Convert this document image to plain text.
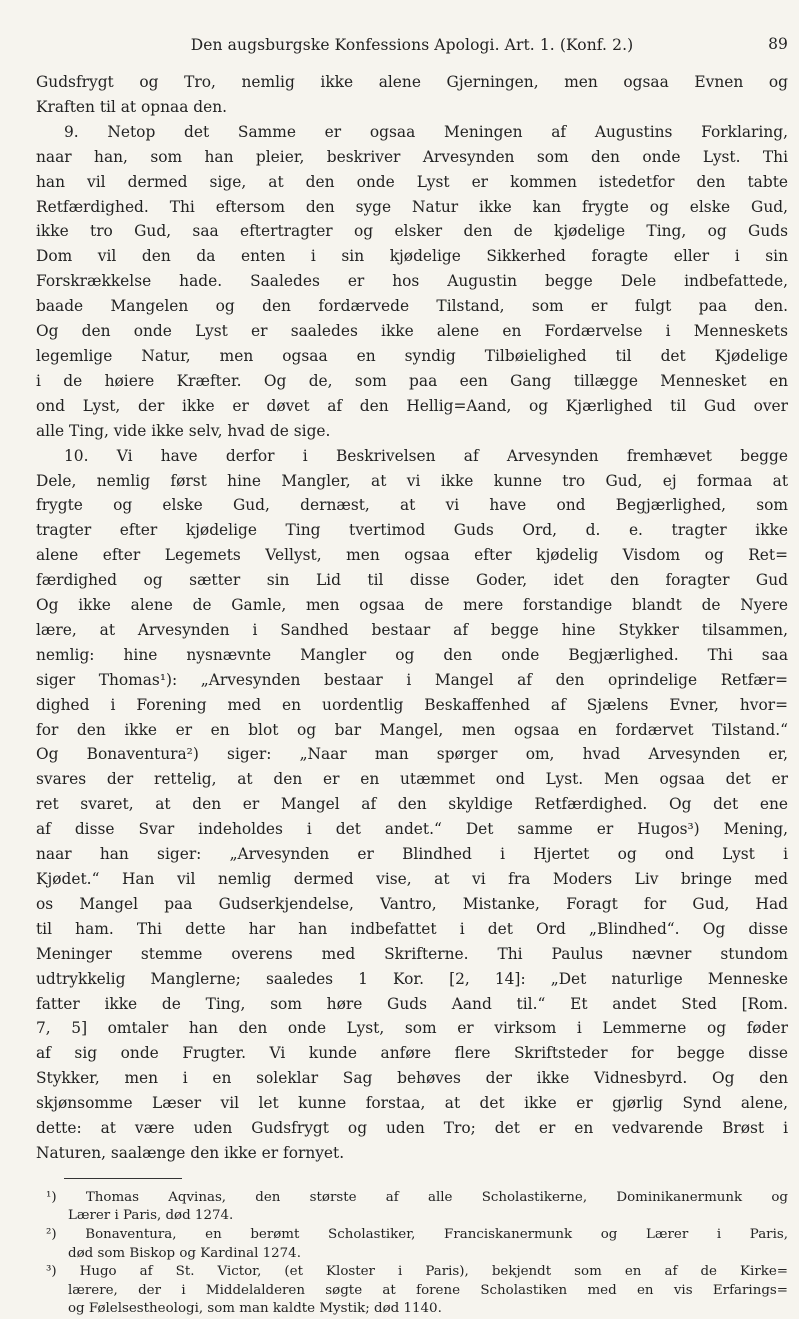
Den augsburgske Konfessions Apologi. Art. 1. (Konf. 2.)	89
Gudsfrygt og Tro, nemlig ikke alene Gjerningen, men ogsaa Evnen og
Kraften til at opnaa den.
9. Netop det Samme er ogsaa Meningen af Augustins Forklaring,
naar han, som han pleier, beskriver Arvesynden som den onde Lyst. Thi
han vil dermed sige, at den onde Lyst er kommen istedetfor den tabte
Retfærdighed. Thi eftersom den syge Natur ikke kan frygte og elske Gud,
ikke tro Gud, saa eftertragter og elsker den de kjødelige Ting, og Guds
Dom vil den da enten i sin kjødelige Sikkerhed foragte eller i sin
Forskrækkelse hade. Saaledes er hos Augustin begge Dele indbefattede,
baade Mangelen og den fordærvede Tilstand, som er fulgt paa den.
Og den onde Lyst er saaledes ikke alene en Fordærvelse i Menneskets
legemlige Natur, men ogsaa en syndig Tilbøielighed til det Kjødelige
i de høiere Kræfter. Og de, som paa een Gang tillægge Mennesket en
ond Lyst, der ikke er døvet af den Hellig=Aand, og Kjærlighed til Gud over
alle Ting, vide ikke selv, hvad de sige.
10. Vi have derfor i Beskrivelsen af Arvesynden fremhævet begge
Dele, nemlig først hine Mangler, at vi ikke kunne tro Gud, ej formaa at
frygte og elske Gud, dernæst, at vi have ond Begjærlighed, som
tragter efter kjødelige Ting tvertimod Guds Ord, d. e. tragter ikke
alene efter Legemets Vellyst, men ogsaa efter kjødelig Visdom og Ret=
færdighed og sætter sin Lid til disse Goder, idet den foragter Gud
Og ikke alene de Gamle, men ogsaa de mere forstandige blandt de Nyere
lære, at Arvesynden i Sandhed bestaar af begge hine Stykker tilsammen,
nemlig: hine nysnævnte Mangler og den onde Begjærlighed. Thi saa
siger Thomas¹): „Arvesynden bestaar i Mangel af den oprindelige Retfær=
dighed i Forening med en uordentlig Beskaffenhed af Sjælens Evner, hvor=
for den ikke er en blot og bar Mangel, men ogsaa en fordærvet Tilstand.“
Og Bonaventura²) siger: „Naar man spørger om, hvad Arvesynden er,
svares der rettelig, at den er en utæmmet ond Lyst. Men ogsaa det er
ret svaret, at den er Mangel af den skyldige Retfærdighed. Og det ene
af disse Svar indeholdes i det andet.“ Det samme er Hugos³) Mening,
naar han siger: „Arvesynden er Blindhed i Hjertet og ond Lyst i
Kjødet.“ Han vil nemlig dermed vise, at vi fra Moders Liv bringe med
os Mangel paa Gudserkjendelse, Vantro, Mistanke, Foragt for Gud, Had
til ham. Thi dette har han indbefattet i det Ord „Blindhed“. Og disse
Meninger stemme overens med Skrifterne. Thi Paulus nævner stundom
udtrykkelig Manglerne; saaledes 1 Kor. [2, 14]: „Det naturlige Menneske
fatter ikke de Ting, som høre Guds Aand til.“ Et andet Sted [Rom.
7, 5] omtaler han den onde Lyst, som er virksom i Lemmerne og føder
af sig onde Frugter. Vi kunde anføre flere Skriftsteder for begge disse
Stykker, men i en soleklar Sag behøves der ikke Vidnesbyrd. Og den
skjønsomme Læser vil let kunne forstaa, at det ikke er gjørlig Synd alene,
dette: at være uden Gudsfrygt og uden Tro; det er en vedvarende Brøst i
Naturen, saalænge den ikke er fornyet.
¹) Thomas Aqvinas, den største af alle Scholastikerne, Dominikanermunk og
Lærer i Paris, død 1274.
²) Bonaventura, en berømt Scholastiker, Franciskanermunk og Lærer i Paris,
død som Biskop og Kardinal 1274.
³) Hugo af St. Victor, (et Kloster i Paris), bekjendt som en af de Kirke=
lærere, der i Middelalderen søgte at forene Scholastiken med en vis Erfarings=
og Følelsestheologi, som man kaldte Mystik; død 1140.
